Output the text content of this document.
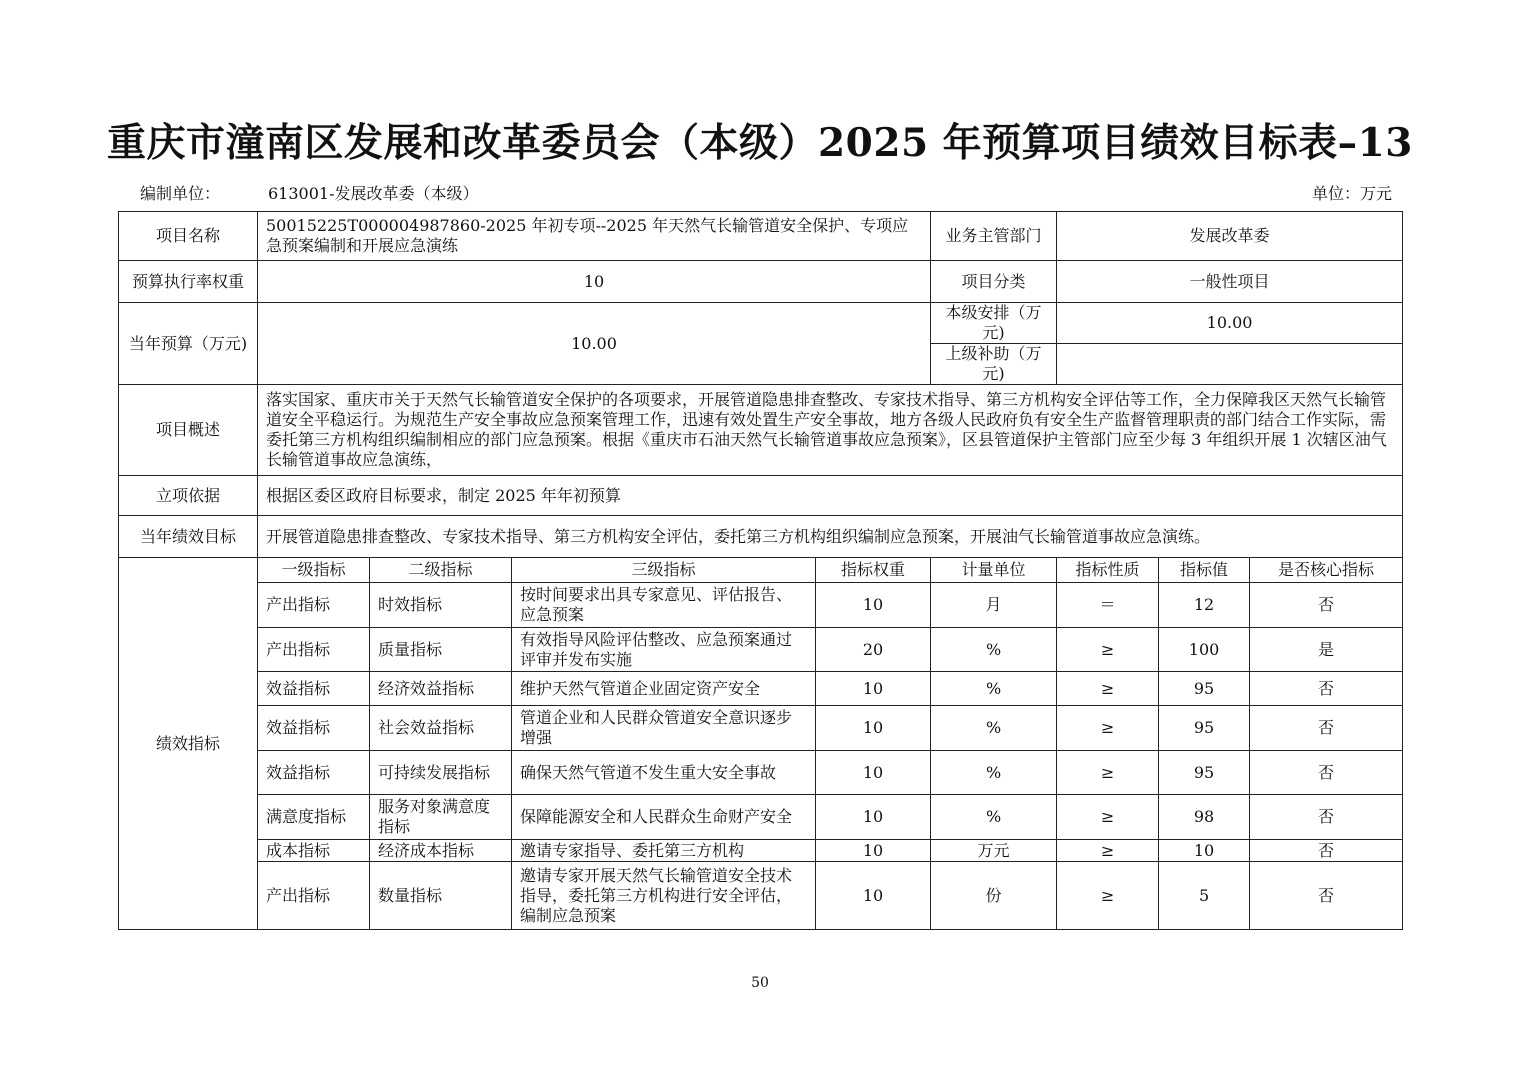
重庆市潼南区发展和改革委员会（本级）2025 年预算项目绩效目标表–13
编制单位：	613001-发展改革委（本级）	单位：万元
项目名称	50015225T000004987860-2025 年初专项--2025 年天然气长输管道安全保护、专项应急预案编制和开展应急演练				业务主管部门	发展改革委		
预算执行率权重	10				项目分类	一般性项目		
当年预算（万元)	10.00				本级安排（万元)	10.00		
					上级补助（万元)			
项目概述	落实国家、重庆市关于天然气长输管道安全保护的各项要求，开展管道隐患排查整改、专家技术指导、第三方机构安全评估等工作，全力保障我区天然气长输管道安全平稳运行。为规范生产安全事故应急预案管理工作，迅速有效处置生产安全事故，地方各级人民政府负有安全生产监督管理职责的部门结合工作实际，需委托第三方机构组织编制相应的部门应急预案。根据《重庆市石油天然气长输管道事故应急预案》，区县管道保护主管部门应至少每 3 年组织开展 1 次辖区油气长输管道事故应急演练，							
立项依据	根据区委区政府目标要求，制定 2025 年年初预算							
当年绩效目标	开展管道隐患排查整改、专家技术指导、第三方机构安全评估，委托第三方机构组织编制应急预案，开展油气长输管道事故应急演练。							
绩效指标	一级指标	二级指标	三级指标	指标权重	计量单位	指标性质	指标值	是否核心指标
	产出指标	时效指标	按时间要求出具专家意见、评估报告、应急预案	10	月	＝	12	否
	产出指标	质量指标	有效指导风险评估整改、应急预案通过评审并发布实施	20	%	≥	100	是
	效益指标	经济效益指标	维护天然气管道企业固定资产安全	10	%	≥	95	否
	效益指标	社会效益指标	管道企业和人民群众管道安全意识逐步增强	10	%	≥	95	否
	效益指标	可持续发展指标	确保天然气管道不发生重大安全事故	10	%	≥	95	否
	满意度指标	服务对象满意度指标	保障能源安全和人民群众生命财产安全	10	%	≥	98	否
	成本指标	经济成本指标	邀请专家指导、委托第三方机构	10	万元	≥	10	否
	产出指标	数量指标	邀请专家开展天然气长输管道安全技术指导，委托第三方机构进行安全评估，编制应急预案	10	份	≥	5	否
50
